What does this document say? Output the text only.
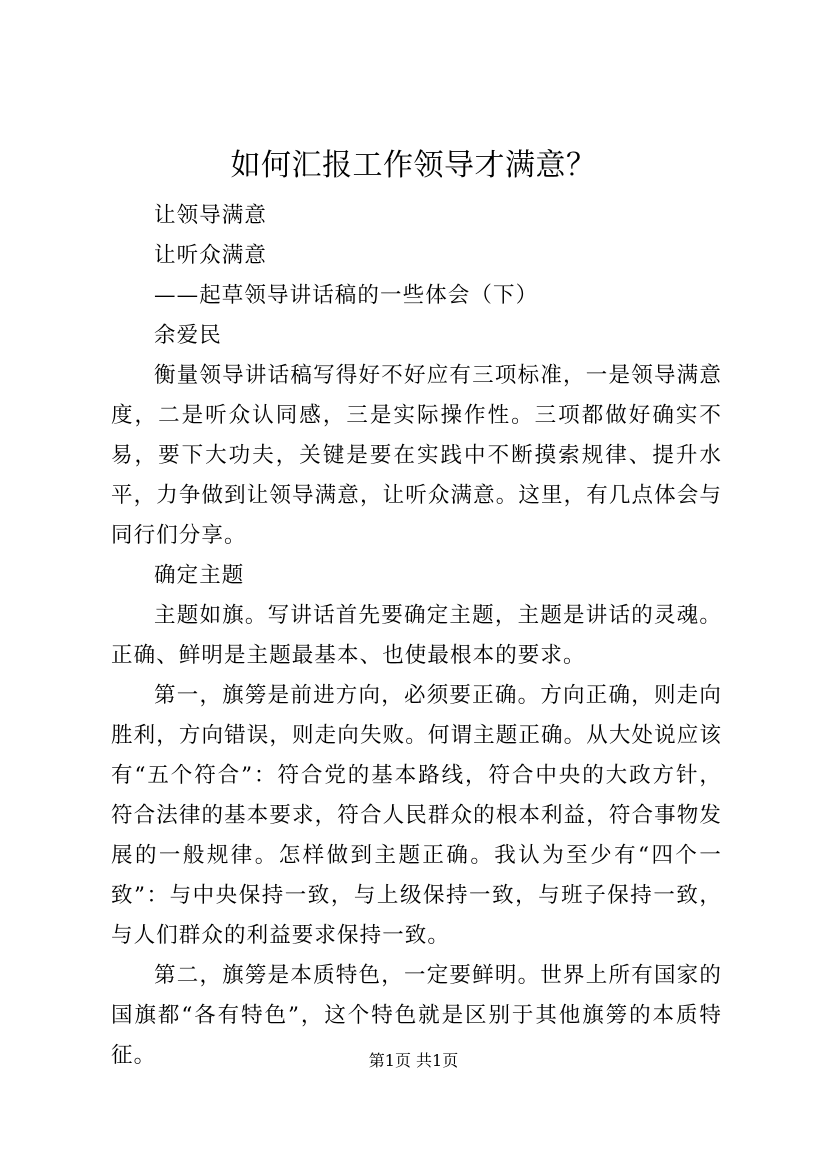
如何汇报工作领导才满意？

让领导满意

让听众满意

——起草领导讲话稿的一些体会（下）

余爱民

衡量领导讲话稿写得好不好应有三项标准，一是领导满意度，二是听众认同感，三是实际操作性。三项都做好确实不易，要下大功夫，关键是要在实践中不断摸索规律、提升水平，力争做到让领导满意，让听众满意。这里，有几点体会与同行们分享。

确定主题

主题如旗。写讲话首先要确定主题，主题是讲话的灵魂。正确、鲜明是主题最基本、也使最根本的要求。

第一，旗篣是前进方向，必须要正确。方向正确，则走向胜利，方向错误，则走向失败。何谓主题正确。从大处说应该有“五个符合”：符合党的基本路线，符合中央的大政方针，符合法律的基本要求，符合人民群众的根本利益，符合事物发展的一般规律。怎样做到主题正确。我认为至少有“四个一致”：与中央保持一致，与上级保持一致，与班子保持一致，与人们群众的利益要求保持一致。

第二，旗篣是本质特色，一定要鲜明。世界上所有国家的国旗都“各有特色”，这个特色就是区别于其他旗篣的本质特征。	第1页 共1页
